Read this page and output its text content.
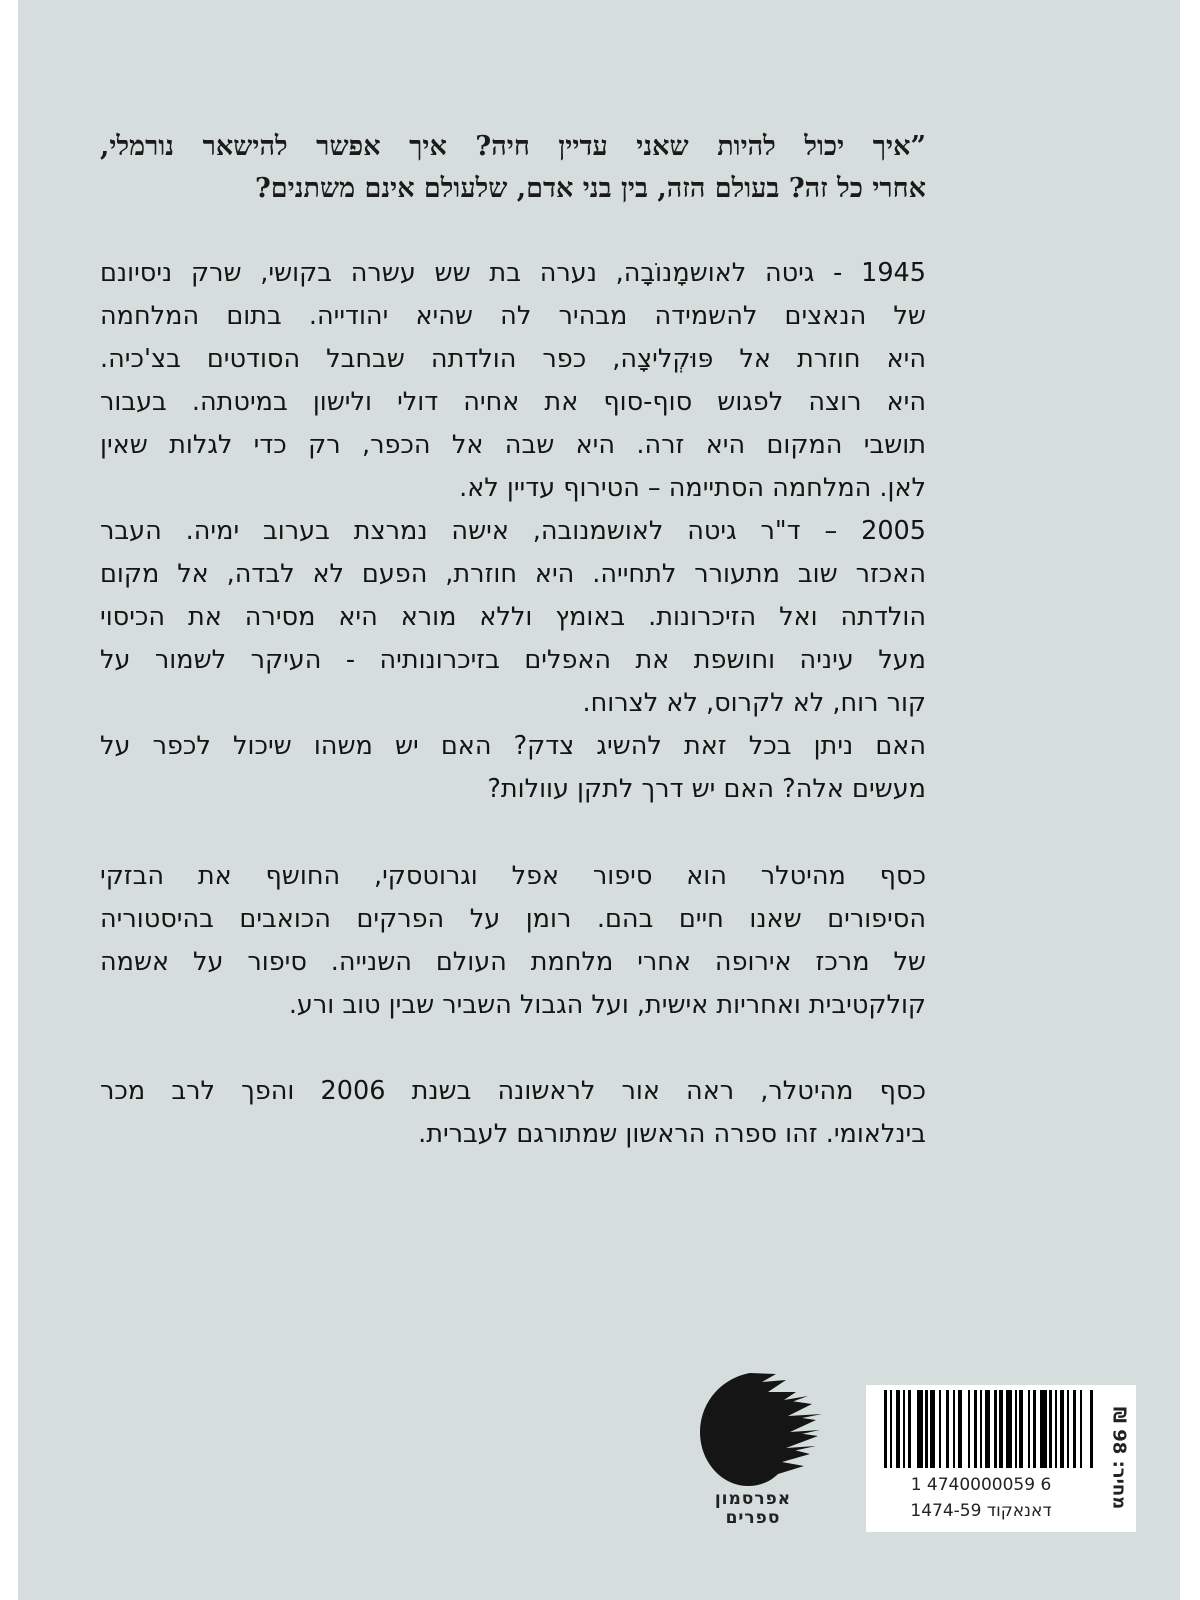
”איך יכול להיות שאני עדיין חיה? איך אפשר להישאר נורמלי,
אחרי כל זה? בעולם הזה, בין בני אדם, שלעולם אינם משתנים?
1945 - גיטה לאושמָנוֹבָה, נערה בת שש עשרה בקושי, שרק ניסיונם
של הנאצים להשמידה מבהיר לה שהיא יהודייה. בתום המלחמה
היא חוזרת אל פּוּקְליצָה, כפר הולדתה שבחבל הסודטים בצ'כיה.
היא רוצה לפגוש סוף-סוף את אחיה דולי ולישון במיטתה. בעבור
תושבי המקום היא זרה. היא שבה אל הכפר, רק כדי לגלות שאין
לאן. המלחמה הסתיימה – הטירוף עדיין לא.
2005 – ד"ר גיטה לאושמנובה, אישה נמרצת בערוב ימיה. העבר
האכזר שוב מתעורר לתחייה. היא חוזרת, הפעם לא לבדה, אל מקום
הולדתה ואל הזיכרונות. באומץ וללא מורא היא מסירה את הכיסוי
מעל עיניה וחושפת את האפלים בזיכרונותיה - העיקר לשמור על
קור רוח, לא לקרוס, לא לצרוח.
האם ניתן בכל זאת להשיג צדק? האם יש משהו שיכול לכפר על
מעשים אלה? האם יש דרך לתקן עוולות?
כסף מהיטלר הוא סיפור אפל וגרוטסקי, החושף את הבזקי
הסיפורים שאנו חיים בהם. רומן על הפרקים הכואבים בהיסטוריה
של מרכז אירופה אחרי מלחמת העולם השנייה. סיפור על אשמה
קולקטיבית ואחריות אישית, ועל הגבול השביר שבין טוב ורע.
כסף מהיטלר, ראה אור לראשונה בשנת 2006 והפך לרב מכר
בינלאומי. זהו ספרה הראשון שמתורגם לעברית.
אפרסמון
ספרים
1 4740000059 6
דאנאקוד 1474-59
מחיר: 98 ₪
